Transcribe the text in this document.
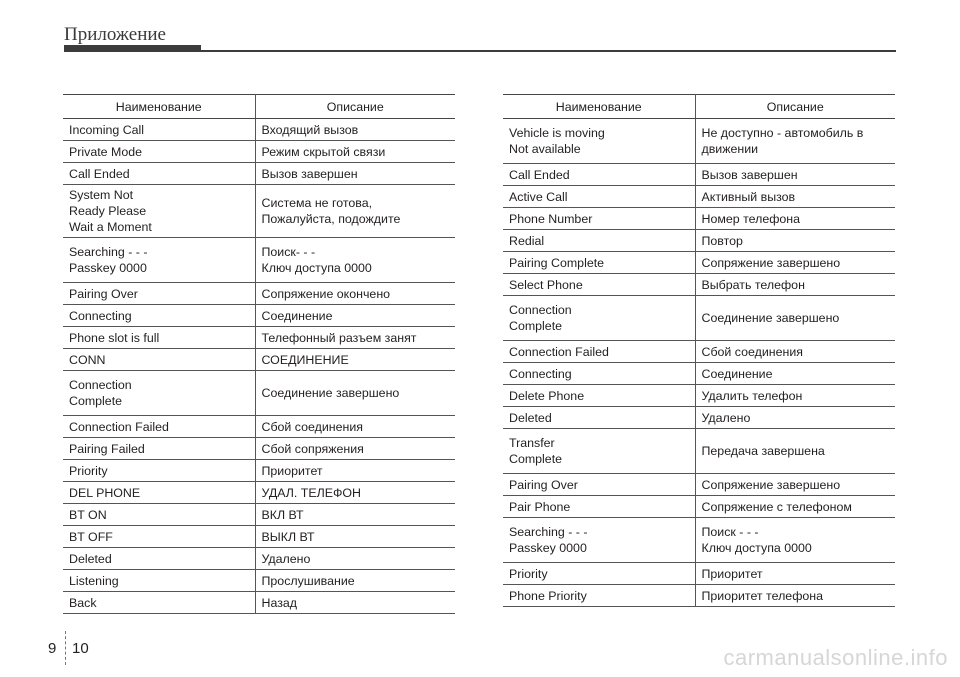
Приложение
Наименование	Описание
Incoming Call	Входящий вызов
Private Mode	Режим скрытой связи
Call Ended	Вызов завершен
System Not
Ready Please
Wait a Moment	Система не готова,
Пожалуйста, подождите
Searching - - -
Passkey 0000	Поиск- - -
Ключ доступа 0000
Pairing Over	Сопряжение окончено
Connecting	Соединение
Phone slot is full	Телефонный разъем занят
CONN	СОЕДИНЕНИЕ
Connection
Complete	Соединение завершено
Connection Failed	Сбой соединения
Pairing Failed	Сбой сопряжения
Priority	Приоритет
DEL PHONE	УДАЛ. ТЕЛЕФОН
BT ON	ВКЛ ВТ
BT OFF	ВЫКЛ ВТ
Deleted	Удалено
Listening	Прослушивание
Back	Назад
Наименование	Описание
Vehicle is moving
Not available	Не доступно - автомобиль в
движении
Call Ended	Вызов завершен
Active Call	Активный вызов
Phone Number	Номер телефона
Redial	Повтор
Pairing Complete	Сопряжение завершено
Select Phone	Выбрать телефон
Connection
Complete	Соединение завершено
Connection Failed	Сбой соединения
Connecting	Соединение
Delete Phone	Удалить телефон
Deleted	Удалено
Transfer
Complete	Передача завершена
Pairing Over	Сопряжение завершено
Pair Phone	Сопряжение с телефоном
Searching - - -
Passkey 0000	Поиск - - -
Ключ доступа 0000
Priority	Приоритет
Phone Priority	Приоритет телефона
9 10	carmanualsonline.info
